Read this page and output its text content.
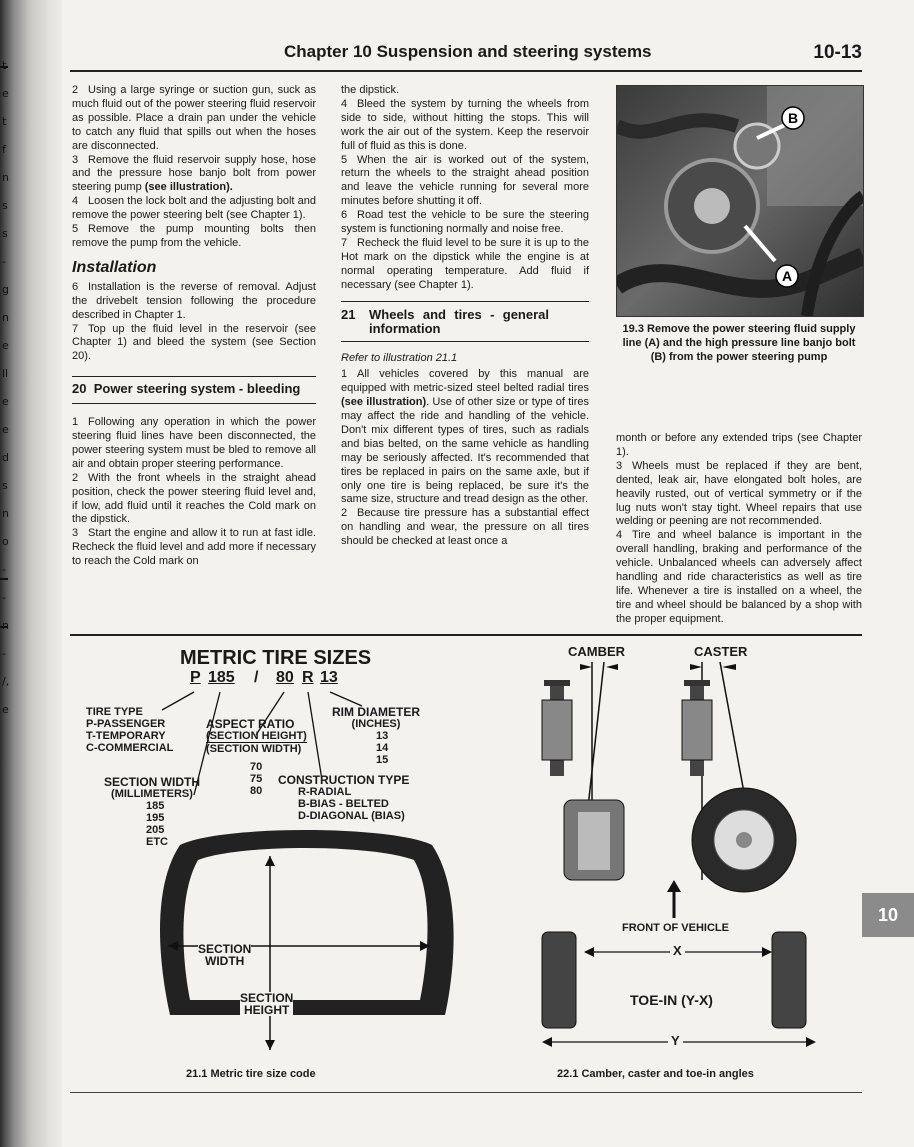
e
t
f
n
s
s
-
g
n
e
ll
e
e
d
s
n
o
-
-
-
/,
e
Chapter 10 Suspension and steering systems	10-13

2 Using a large syringe or suction gun, suck as much fluid out of the power steering fluid reservoir as possible. Place a drain pan under the vehicle to catch any fluid that spills out when the hoses are disconnected.

3 Remove the fluid reservoir supply hose, hose and the pressure hose banjo bolt from power steering pump (see illustration).

4 Loosen the lock bolt and the adjusting bolt and remove the power steering belt (see Chapter 1).

5 Remove the pump mounting bolts then remove the pump from the vehicle.

Installation

6 Installation is the reverse of removal. Adjust the drivebelt tension following the procedure described in Chapter 1.

7 Top up the fluid level in the reservoir (see Chapter 1) and bleed the system (see Section 20).

20 Power steering system - bleeding

1 Following any operation in which the power steering fluid lines have been disconnected, the power steering system must be bled to remove all air and obtain proper steering performance.

2 With the front wheels in the straight ahead position, check the power steering fluid level and, if low, add fluid until it reaches the Cold mark on the dipstick.

3 Start the engine and allow it to run at fast idle. Recheck the fluid level and add more if necessary to reach the Cold mark on

the dipstick.

4 Bleed the system by turning the wheels from side to side, without hitting the stops. This will work the air out of the system. Keep the reservoir full of fluid as this is done.

5 When the air is worked out of the system, return the wheels to the straight ahead position and leave the vehicle running for several more minutes before shutting it off.

6 Road test the vehicle to be sure the steering system is functioning normally and noise free.

7 Recheck the fluid level to be sure it is up to the Hot mark on the dipstick while the engine is at normal operating temperature. Add fluid if necessary (see Chapter 1).

21	Wheels and tires - general information
Refer to illustration 21.1

1 All vehicles covered by this manual are equipped with metric-sized steel belted radial tires (see illustration). Use of other size or type of tires may affect the ride and handling of the vehicle. Don't mix different types of tires, such as radials and bias belted, on the same vehicle as handling may be seriously affected. It's recommended that tires be replaced in pairs on the same axle, but if only one tire is being replaced, be sure it's the same size, structure and tread design as the other.

2 Because tire pressure has a substantial effect on handling and wear, the pressure on all tires should be checked at least once a

A
B
19.3 Remove the power steering fluid supply line (A) and the high pressure line banjo bolt (B) from the power steering pump

month or before any extended trips (see Chapter 1).

3 Wheels must be replaced if they are bent, dented, leak air, have elongated bolt holes, are heavily rusted, out of vertical symmetry or if the lug nuts won't stay tight. Wheel repairs that use welding or peening are not recommended.

4 Tire and wheel balance is important in the overall handling, braking and performance of the vehicle. Unbalanced wheels can adversely affect handling and ride characteristics as well as tire life. Whenever a tire is installed on a wheel, the tire and wheel should be balanced by a shop with the proper equipment.

METRIC TIRE SIZES
P 185 / 80 R 13
TIRE TYPE
P-PASSENGER
T-TEMPORARY
C-COMMERCIAL
ASPECT RATIO
(SECTION HEIGHT)
(SECTION WIDTH)
70
75
80
RIM DIAMETER
(INCHES)
13
14
15
SECTION WIDTH
(MILLIMETERS)
185
195
205
ETC
CONSTRUCTION TYPE
R-RADIAL
B-BIAS - BELTED
D-DIAGONAL (BIAS)
SECTION
WIDTH
SECTION
HEIGHT
21.1 Metric tire size code
CAMBER	CASTER
FRONT OF VEHICLE
X
TOE-IN (Y-X)
Y
22.1 Camber, caster and toe-in angles
10
